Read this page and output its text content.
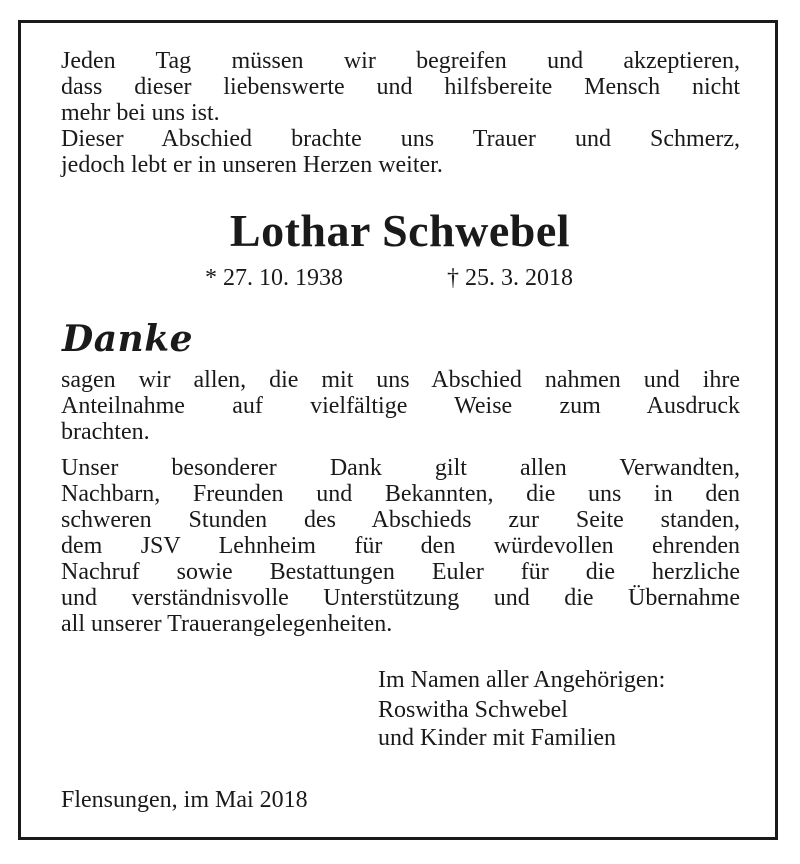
Jeden Tag müssen wir begreifen und akzeptieren,
dass dieser liebenswerte und hilfsbereite Mensch nicht
mehr bei uns ist.
Dieser Abschied brachte uns Trauer und Schmerz,
jedoch lebt er in unseren Herzen weiter.
Lothar Schwebel

* 27. 10. 1938	† 25. 3. 2018

Danke
sagen wir allen, die mit uns Abschied nahmen und ihre
Anteilnahme auf vielfältige Weise zum Ausdruck
brachten.
Unser besonderer Dank gilt allen Verwandten,
Nachbarn, Freunden und Bekannten, die uns in den
schweren Stunden des Abschieds zur Seite standen,
dem JSV Lehnheim für den würdevollen ehrenden
Nachruf sowie Bestattungen Euler für die herzliche
und verständnisvolle Unterstützung und die Übernahme
all unserer Trauerangelegenheiten.
Im Namen aller Angehörigen:
Roswitha Schwebel
und Kinder mit Familien

Flensungen, im Mai 2018
